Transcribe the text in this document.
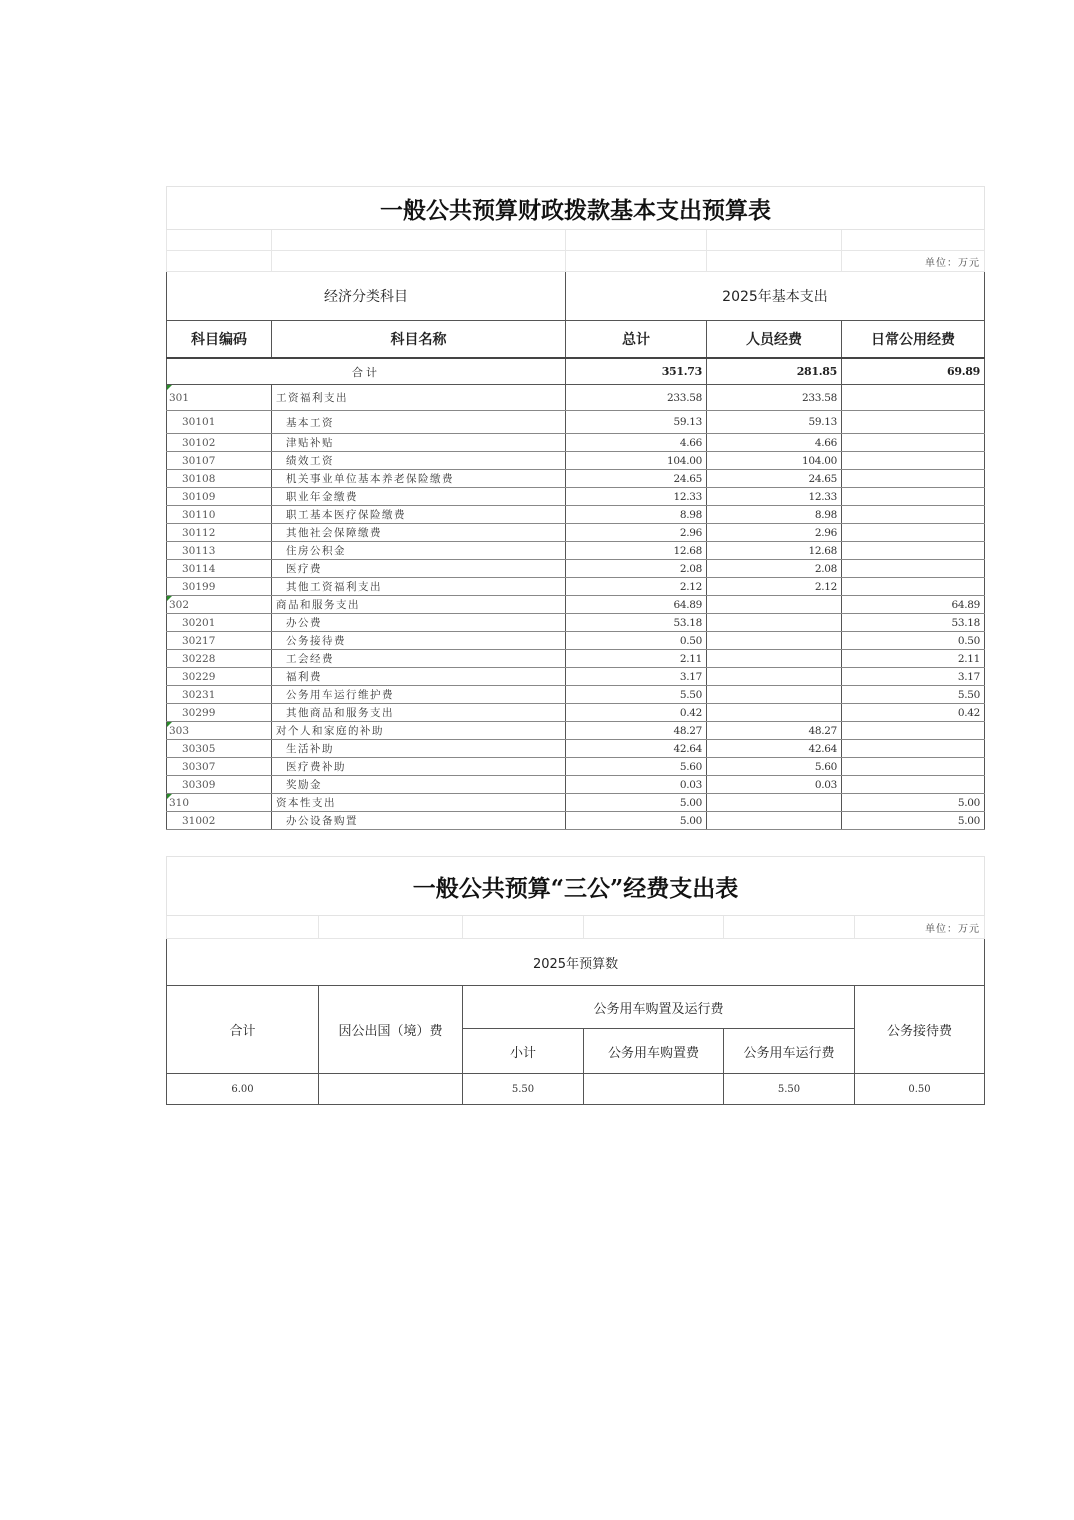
一般公共预算财政拨款基本支出预算表				

				单位：万元
经济分类科目		2025年基本支出		
科目编码	科目名称	总计	人员经费	日常公用经费
合计		351.73	281.85	69.89
301	工资福利支出	233.58	233.58	
30101	基本工资	59.13	59.13	
30102	津贴补贴	4.66	4.66	
30107	绩效工资	104.00	104.00	
30108	机关事业单位基本养老保险缴费	24.65	24.65	
30109	职业年金缴费	12.33	12.33	
30110	职工基本医疗保险缴费	8.98	8.98	
30112	其他社会保障缴费	2.96	2.96	
30113	住房公积金	12.68	12.68	
30114	医疗费	2.08	2.08	
30199	其他工资福利支出	2.12	2.12	
302	商品和服务支出	64.89		64.89
30201	办公费	53.18		53.18
30217	公务接待费	0.50		0.50
30228	工会经费	2.11		2.11
30229	福利费	3.17		3.17
30231	公务用车运行维护费	5.50		5.50
30299	其他商品和服务支出	0.42		0.42
303	对个人和家庭的补助	48.27	48.27	
30305	生活补助	42.64	42.64	
30307	医疗费补助	5.60	5.60	
30309	奖励金	0.03	0.03	
310	资本性支出	5.00		5.00
31002	办公设备购置	5.00		5.00
一般公共预算“三公”经费支出表					
					单位：万元
2025年预算数					
合计	因公出国（境）费	公务用车购置及运行费			公务接待费
		小计	公务用车购置费	公务用车运行费	
6.00		5.50		5.50	0.50
